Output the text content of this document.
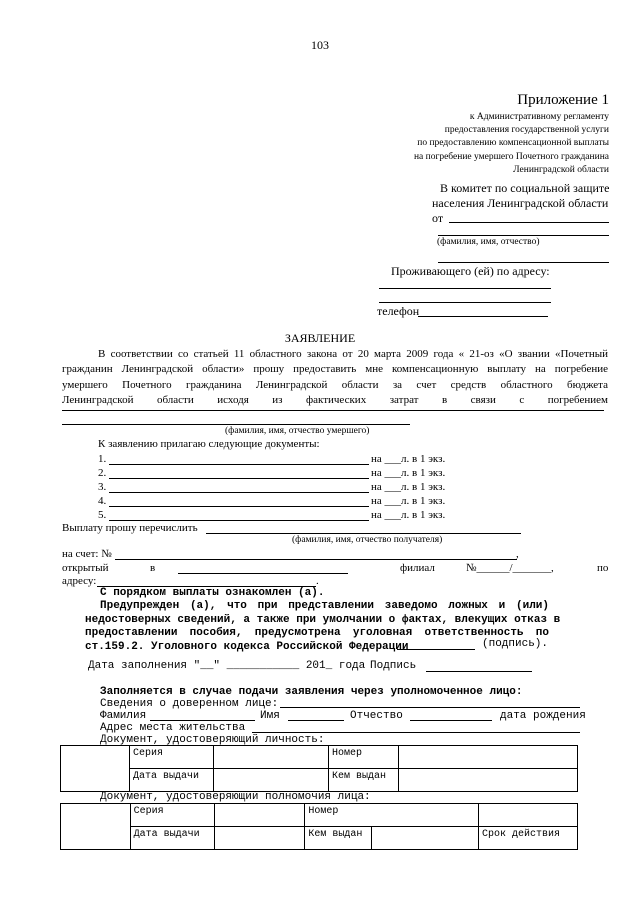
103
Приложение 1
к Административному регламенту
предоставления государственной услуги
по предоставлению компенсационной выплаты
на погребение умершего Почетного гражданина
Ленинградской области
В комитет по социальной защите
населения Ленинградской области
от
(фамилия, имя, отчество)
Проживающего (ей) по адресу:
телефон
ЗАЯВЛЕНИЕ
В соответствии со статьей 11 областного закона от 20 марта 2009 года « 21-оз «О звании «Почетный
гражданин Ленинградской области» прошу предоставить мне компенсационную выплату на погребение
умершего Почетного гражданина Ленинградской области за счет средств областного бюджета
Ленинградской области исходя из фактических затрат в связи с погребением
(фамилия, имя, отчество умершего)
К заявлению прилагаю следующие документы:
1.	на ___л. в 1 экз.
2.	на ___л. в 1 экз.
3.	на ___л. в 1 экз.
4.	на ___л. в 1 экз.
5.	на ___л. в 1 экз.
Выплату прошу перечислить
(фамилия, имя, отчество получателя)
на счет: №	,
открытый	в	филиал	№______/_______,	по
адресу:	.
С порядком выплаты ознакомлен (а).
Предупрежден (а), что при представлении заведомо ложных и (или)
недостоверных сведений, а также при умолчании о фактах, влекущих отказ в
предоставлении пособия, предусмотрена уголовная ответственность по
ст.159.2. Уголовного кодекса Российской Федерации	(подпись).
Дата заполнения "__" ___________ 201_ года Подпись
Заполняется в случае подачи заявления через уполномоченное лицо:
Сведения о доверенном лице:
Фамилия	Имя	Отчество	дата рождения
Адрес места жительства
Документ, удостоверяющий личность:
	Серия		Номер	
	Дата выдачи		Кем выдан	
Документ, удостоверяющий полномочия лица:
	Серия		Номер		
	Дата выдачи		Кем выдан		Срок действия
